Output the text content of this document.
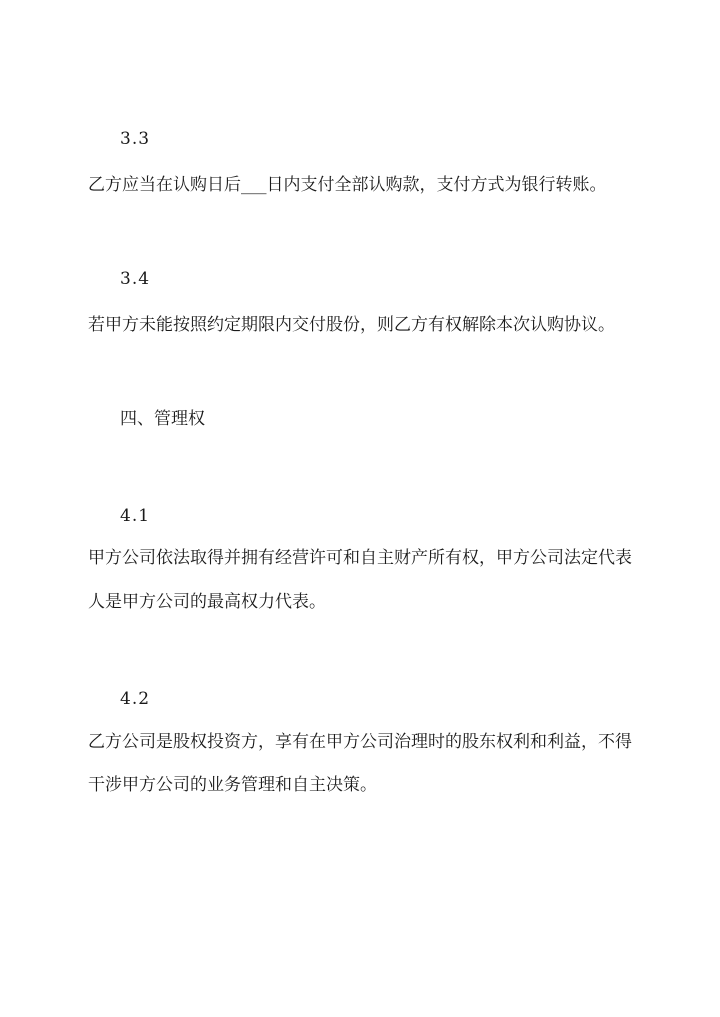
3.3
乙方应当在认购日后___日内支付全部认购款，支付方式为银行转账。
3.4
若甲方未能按照约定期限内交付股份，则乙方有权解除本次认购协议。
四、管理权
4.1
甲方公司依法取得并拥有经营许可和自主财产所有权，甲方公司法定代表
人是甲方公司的最高权力代表。
4.2
乙方公司是股权投资方，享有在甲方公司治理时的股东权利和利益，不得
干涉甲方公司的业务管理和自主决策。
